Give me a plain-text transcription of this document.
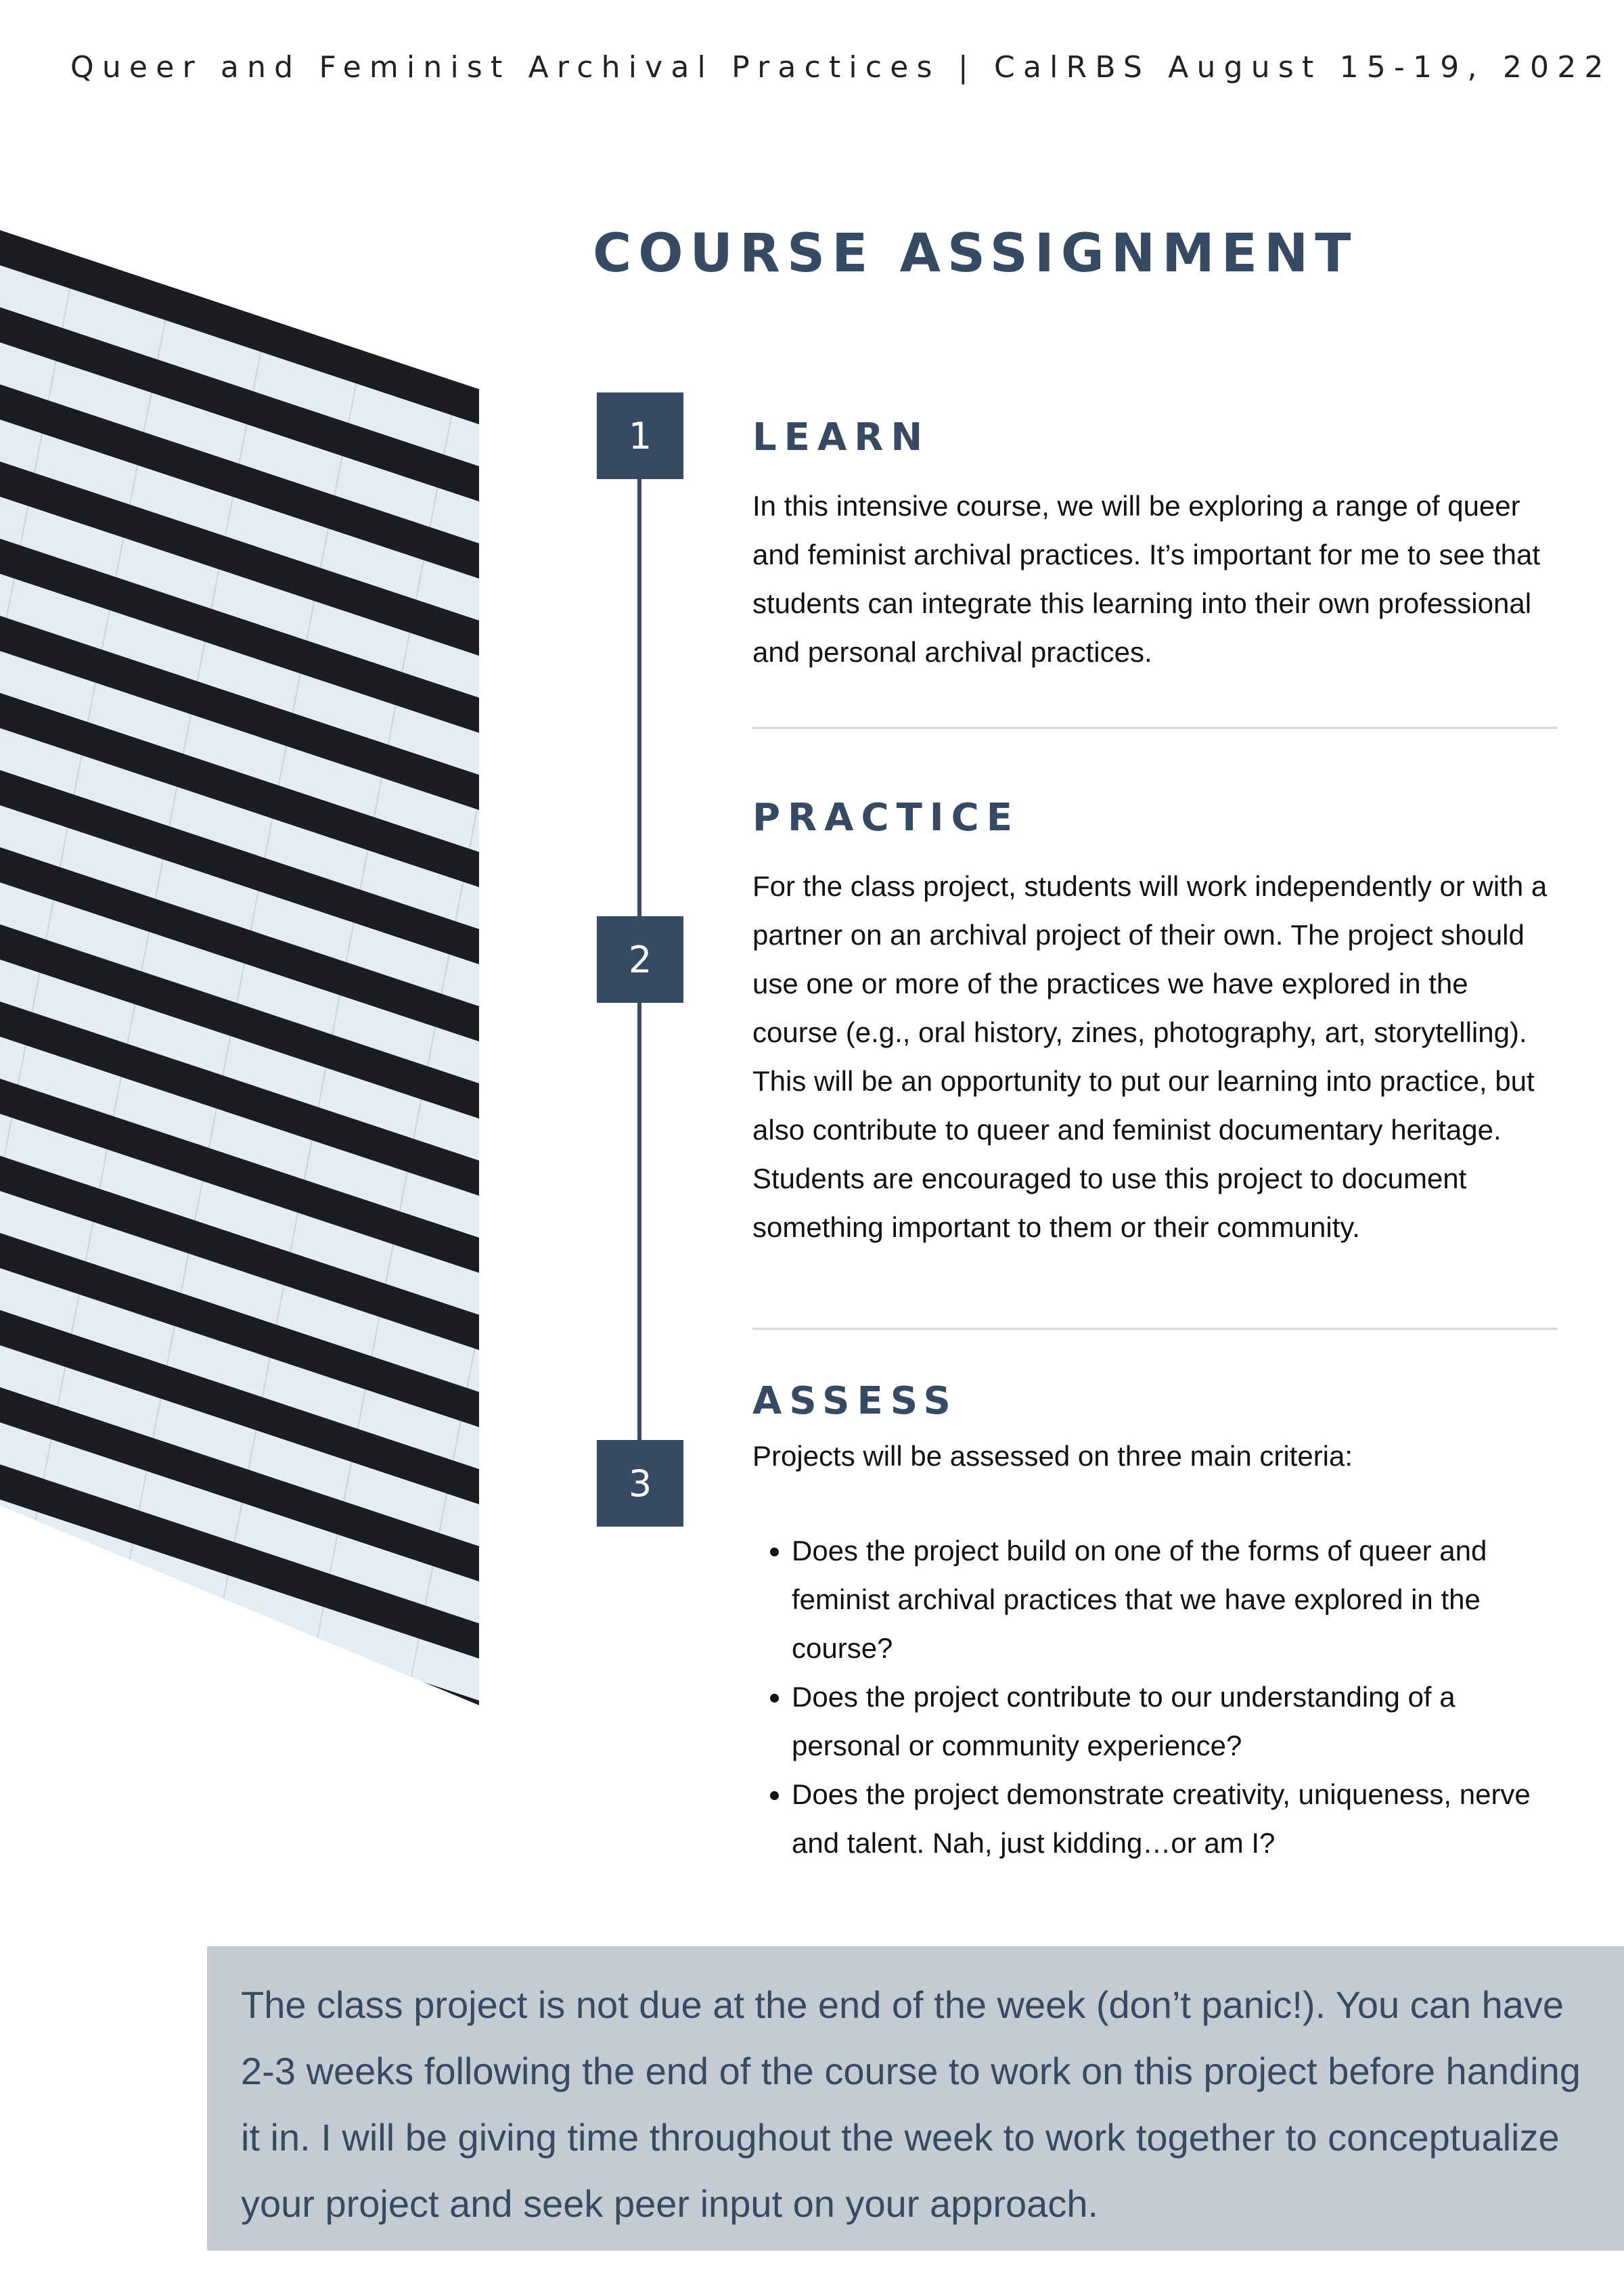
Queer and Feminist Archival Practices | CalRBS August 15-19, 2022
COURSE ASSIGNMENT
1
2
3
LEARN

In this intensive course, we will be exploring a range of queer and feminist archival practices. It’s important for me to see that students can integrate this learning into their own professional and personal archival practices.

PRACTICE

For the class project, students will work independently or with a partner on an archival project of their own. The project should use one or more of the practices we have explored in the course (e.g., oral history, zines, photography, art, storytelling). This will be an opportunity to put our learning into practice, but also contribute to queer and feminist documentary heritage. Students are encouraged to use this project to document something important to them or their community.

ASSESS

Projects will be assessed on three main criteria:

• Does the project build on one of the forms of queer and feminist archival practices that we have explored in the course?
• Does the project contribute to our understanding of a personal or community experience?
• Does the project demonstrate creativity, uniqueness, nerve and talent. Nah, just kidding…or am I?

The class project is not due at the end of the week (don’t panic!). You can have 2-3 weeks following the end of the course to work on this project before handing it in. I will be giving time throughout the week to work together to conceptualize your project and seek peer input on your approach.
